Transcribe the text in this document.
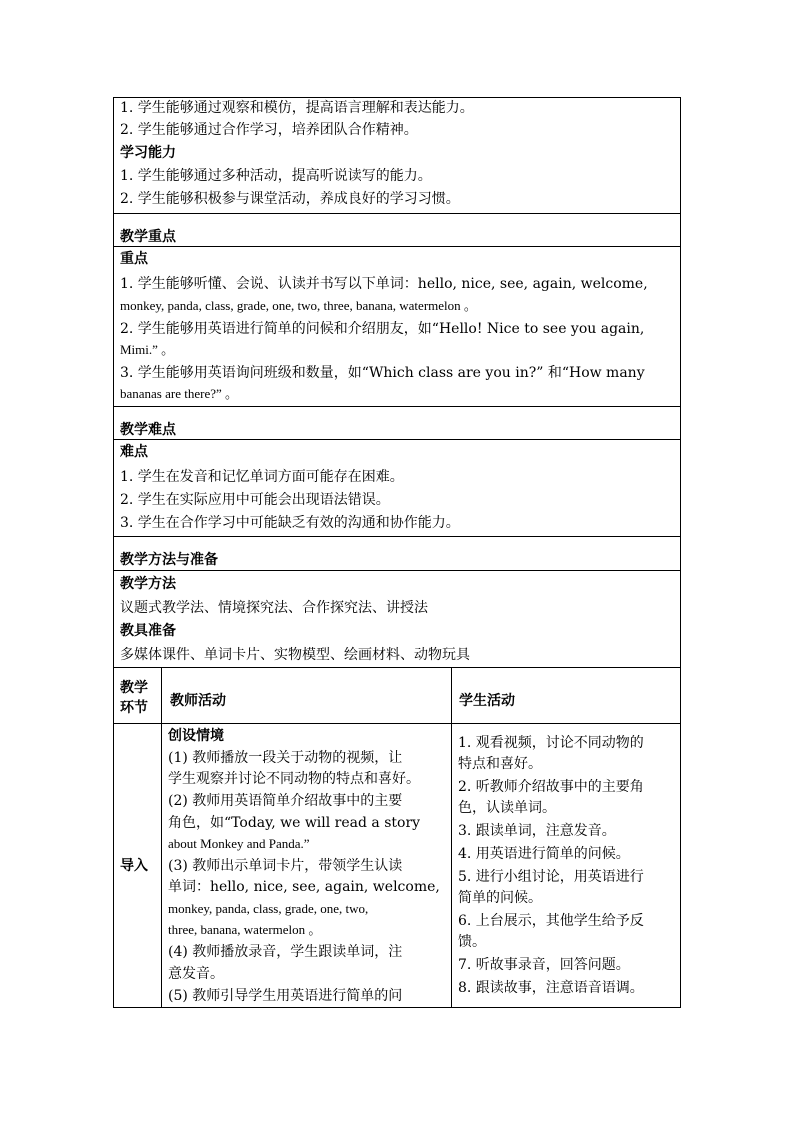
1. 学生能够通过观察和模仿，提高语言理解和表达能力。
2. 学生能够通过合作学习，培养团队合作精神。
学习能力
1. 学生能够通过多种活动，提高听说读写的能力。
2. 学生能够积极参与课堂活动，养成良好的学习习惯。
教学重点
重点
1. 学生能够听懂、会说、认读并书写以下单词：hello, nice, see, again, welcome,
monkey, panda, class, grade, one, two, three, banana, watermelon 。
2. 学生能够用英语进行简单的问候和介绍朋友，如“Hello! Nice to see you again,
Mimi.” 。
3. 学生能够用英语询问班级和数量，如“Which class are you in?” 和“How many
bananas are there?” 。
教学难点
难点
1. 学生在发音和记忆单词方面可能存在困难。
2. 学生在实际应用中可能会出现语法错误。
3. 学生在合作学习中可能缺乏有效的沟通和协作能力。
教学方法与准备
教学方法
议题式教学法、情境探究法、合作探究法、讲授法
教具准备
多媒体课件、单词卡片、实物模型、绘画材料、动物玩具
教学
环节 教师活动	学生活动
导入
创设情境
(1) 教师播放一段关于动物的视频，让
学生观察并讨论不同动物的特点和喜好。
(2) 教师用英语简单介绍故事中的主要
角色，如“Today, we will read a story
about Monkey and Panda.”
(3) 教师出示单词卡片，带领学生认读
单词：hello, nice, see, again, welcome,
monkey, panda, class, grade, one, two,
three, banana, watermelon 。
(4) 教师播放录音，学生跟读单词，注
意发音。
(5) 教师引导学生用英语进行简单的问
1. 观看视频，讨论不同动物的
特点和喜好。
2. 听教师介绍故事中的主要角
色，认读单词。
3. 跟读单词，注意发音。
4. 用英语进行简单的问候。
5. 进行小组讨论，用英语进行
简单的问候。
6. 上台展示，其他学生给予反
馈。
7. 听故事录音，回答问题。
8. 跟读故事，注意语音语调。
